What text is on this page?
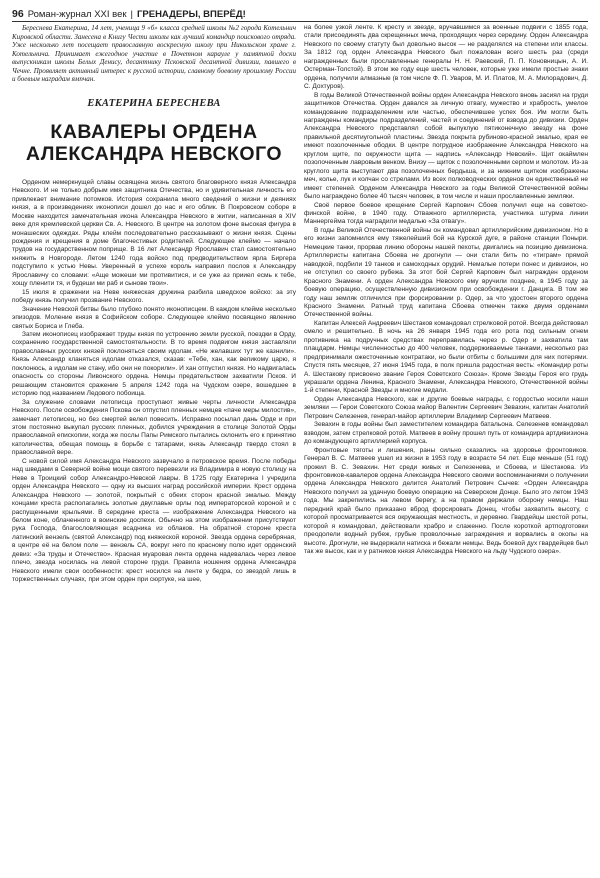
96 Роман-журнал XXI век | ГРЕНАДЕРЫ, ВПЕРЁД!

Береснева Екатерина, 14 лет, ученица 9 «б» класса средней школы №2 города Котельнич Кировской области. Занесена в Книгу Чести школы как лучший командир поискового отряда. Уже несколько лет посещает православную воскресную школу при Никольском храме г. Котельнича. Принимает ежегодное участие в Почетном карауле у памятной доски выпускникам школы Белых Денису, десантнику Псковской десантной дивизии, павшего в Чечне. Проявляет активный интерес к русской истории, славному боевому прошлому России и боевым наградам ямпчан.

ЕКАТЕРИНА БЕРЕСНЕВА
КАВАЛЕРЫ ОРДЕНА
АЛЕКСАНДРА НЕВСКОГО

Орденом немеркнущей славы освящена жизнь святого благоверного князя Александра Невского. И не только добрым имя защитника Отечества, но и удивительная личность его привлекает внимание потомков. История сохранила много сведений о жизни и деяниях князя, а в произведениях иконописи дошел до нас и его облик. В Покровском соборе в Москве находится замечательная икона Александра Невского в житии, написанная в XIV веке для кремлевской церкви Св. А. Невского. В центре на золотом фоне высокая фигура в монашеских одеждах. Ряды клейм последовательно рассказывают о жизни князя. Сцены рождения и крещения в доме благочестивых родителей. Следующее клеймо — начало трудов на государственном поприще. В 16 лет Александр Ярославич стал самостоятельно княжить в Новгороде. Летом 1240 года войско под предводительством ярла Биргера подступило к устью Невы. Уверенный в успехе король направил послов к Александру Ярославичу со словами: «Аще можеши ми противитися, и се уже аз прииел есмь к тебе, хощу пленити тя, и будеши ми раб и сынове твои».

15 июля в сражении на Неве княжеская дружина разбила шведское войско: за эту победу князь получил прозвание Невского.

Значение Невской битвы было глубоко понято иконописцем. В каждом клейме несколько эпизодов. Моление князя в Софийском соборе. Следующее клеймо посвящено явлению святых Бориса и Глеба.

Затем иконописец изображает труды князя по устроению земли русской, поездки в Орду, сохранению государственной самостоятельности. В то время подвигом князя заставляли православных русских князей поклоняться своим идолам. «Не желавших тут же казнили». Князь Александр кланяться идолам отказался, сказав: «Тебе, хан, как великому царю, я поклонюсь, а идолам не стану, ибо они не покорили». И хан отпустил князя. Но надвигалась опасность со стороны Ливонского ордена. Немцы предательством захватили Псков. И решающим становится сражение 5 апреля 1242 года на Чудском озере, вошедшее в историю под названием Ледового побоища.

За служение словами летописца проступают живые черты личности Александра Невского. После освобождения Пскова он отпустил пленных немцев «паче меры милостив», замечает летописец, но без смертей велел повесить. Исправно посылал дань Орде и при этом постоянно выкупал русских пленных, добился учреждения в столице Золотой Орды православной епископии, когда же послы Папы Римского пытались склонить его к принятию католичества, обещая помощь в борьбе с татарами, князь Александр твердо стоял в православной вере.

С новой силой имя Александра Невского зазвучало в петровское время. После победы над шведами в Северной войне мощи святого перевезли из Владимира в новую столицу на Неве в Троицкий собор Александро-Невской лавры. В 1725 году Екатерина I учредила орден Александра Невского — одну из высших наград российской империи. Крест ордена Александра Невского — золотой, покрытый с обеих сторон красной эмалью. Между концами креста располагались золотые двуглавые орлы под императорской короной и с распущенными крыльями. В середине креста — изображение Александра Невского на белом коне, облаченного в воинские доспехи. Обычно на этом изображении присутствуют рука Господа, благословляющая всадника из облаков. На обратной стороне креста латинский вензель (святой Александр) под княжеской короной. Звезда ордена серебряная, в центре её на белом поле — вензель СА, вокруг него по красному полю идет орденский девиз: «За труды и Отечество». Красная муаровая лента ордена надевалась через левое плечо, звезда носилась на левой стороне груди. Правила ношения ордена Александра Невского имели свои особенности: крест носился на ленте у бедра, со звездой лишь в торжественных случаях, при этом орден при сюртуке, на шее,

на более узкой ленте. К кресту и звезде, вручавшимся за военные подвиги с 1855 года, стали присоединять два скрещенных меча, проходящих через середину. Орден Александра Невского по своему статуту был довольно высок — не разделялся на степени или классы. За 1812 год орден Александра Невского был пожалован всего шесть раз (среди награжденных были прославленные генералы Н. Н. Раевский, П. П. Коновницын, А. И. Остерман-Толстой). В этом же году еще шесть человек, которые уже имели простые знаки ордена, получили алмазные (в том числе Ф. П. Уваров, М. И. Платов, М. А. Милорадович, Д. С. Дохтуров).

В годы Великой Отечественной войны орден Александра Невского вновь засиял на груди защитников Отечества. Орден давался за личную отвагу, мужество и храбрость, умелое командование подразделением или частью, обеспечившее успех боя. Им могли быть награждены командиры подразделений, частей и соединений от взвода до дивизии. Орден Александра Невского представлял собой выпуклую пятиконечную звезду на фоне правильной десятиугольной пластины. Звезда покрыта рубиново-красной эмалью, края ее имеют позолоченные ободки. В центре погрудное изображение Александра Невского на круглом щите, по окружности щита — надпись «Александр Невский». Щит окаймлен позолоченным лавровым венком. Внизу — щиток с позолоченными серпом и молотом. Из-за круглого щита выступают два позолоченных бердыша, и за нижним щитком изображены меч, колье, лук и колчан со стрелами. Из всех полководческих орденов он единственный не имеет степеней. Орденом Александра Невского за годы Великой Отечественной войны было награждено более 40 тысяч человек, в том числе и наши прославленные земляки.

Своё первое боевое крещение Сергей Карпович Сбоев получил еще на советско-финской войне, в 1940 году. Отважного артиллериста, участника штурма линии Маннергейма тогда наградили медалью «За отвагу».

В годы Великой Отечественной войны он командовал артиллерийским дивизионом. Но в его жизни запомнился ему тяжелейший бой на Курской дуге, в районе станции Поныри. Немецкие танки, прорвав линию обороны нашей пехоты, двигались на позицию дивизиона. Артиллеристы капитана Сбоева не дрогнули — они стали бить по «тиграм» прямой наводкой, подбили 19 танков и самоходных орудий. Немалые потери понес и дивизион, но не отступил со своего рубежа. За этот бой Сергей Карпович был награжден орденом Красного Знамени. А орден Александра Невского ему вручили позднее, в 1945 году за боевую операцию, осуществленную дивизионом при освобождении г. Данцига. В том же году наш земляк отличился при форсировании р. Одер, за что удостоен второго ордена Красного Знамени. Ратный труд капитана Сбоева отмечен также двумя орденами Отечественной войны.

Капитан Алексей Андреевич Шестаков командовал стрелковой ротой. Всегда действовал смело и решительно. В ночь на 26 января 1945 года его рота под сильным огнем противника на подручных средствах переправилась через р. Одер и захватила там плацдарм. Немцы численностью до 400 человек, поддерживаемые танками, несколько раз предпринимали ожесточенные контратаки, но были отбиты с большими для них потерями. Спустя пять месяцев, 27 июня 1945 года, в полк пришла радостная весть: «Командир роты А. Шестакову присвоено звание Героя Советского Союза». Кроме Звезды Героя его грудь украшали ордена Ленина, Красного Знамени, Александра Невского, Отечественной войны 1-й степени, Красной Звезды и многие медали.

Орден Александра Невского, как и другие боевые награды, с гордостью носили наши земляки — Герои Советского Союза майор Валентин Сергеевич Зевахин, капитан Анатолий Петрович Селезенев, генерал-майор артиллерии Владимир Сергеевич Матвеев.

Зевахин в годы войны был заместителем командира батальона. Селезенев командовал взводом, затем стрелковой ротой. Матвеев в войну прошел путь от командира артдивизиона до командующего артиллерией корпуса.

Фронтовые тяготы и лишения, раны сильно сказались на здоровье фронтовиков. Генерал В. С. Матвеев ушел из жизни в 1953 году в возрасте 54 лет. Еще меньше (51 год) прожил В. С. Зевахин. Нет среди живых и Селезенева, и Сбоева, и Шестакова. Из фронтовиков-кавалеров ордена Александра Невского своими воспоминаниями о получении ордена Александра Невского делится Анатолий Петрович Сычев: «Орден Александра Невского получил за удачную боевую операцию на Северском Донце. Было это летом 1943 года. Мы закрепились на левом берегу, а на правом держали оборону немцы. Наш передний край было приказано вброд форсировать Донец, чтобы захватить высоту, с которой просматривается вся окружающая местность, и деревню. Гвардейцы шестой роты, которой я командовал, действовали храбро и слаженно. После короткой артподготовки преодолели водный рубеж, грубые проволочные заграждения и ворвались в окопы на высоте. Дрогнули, не выдержали натиска и бежали немцы. Ведь боевой дух гвардейцев был так же высок, как и у ратников князя Александра Невского на льду Чудского озера».
